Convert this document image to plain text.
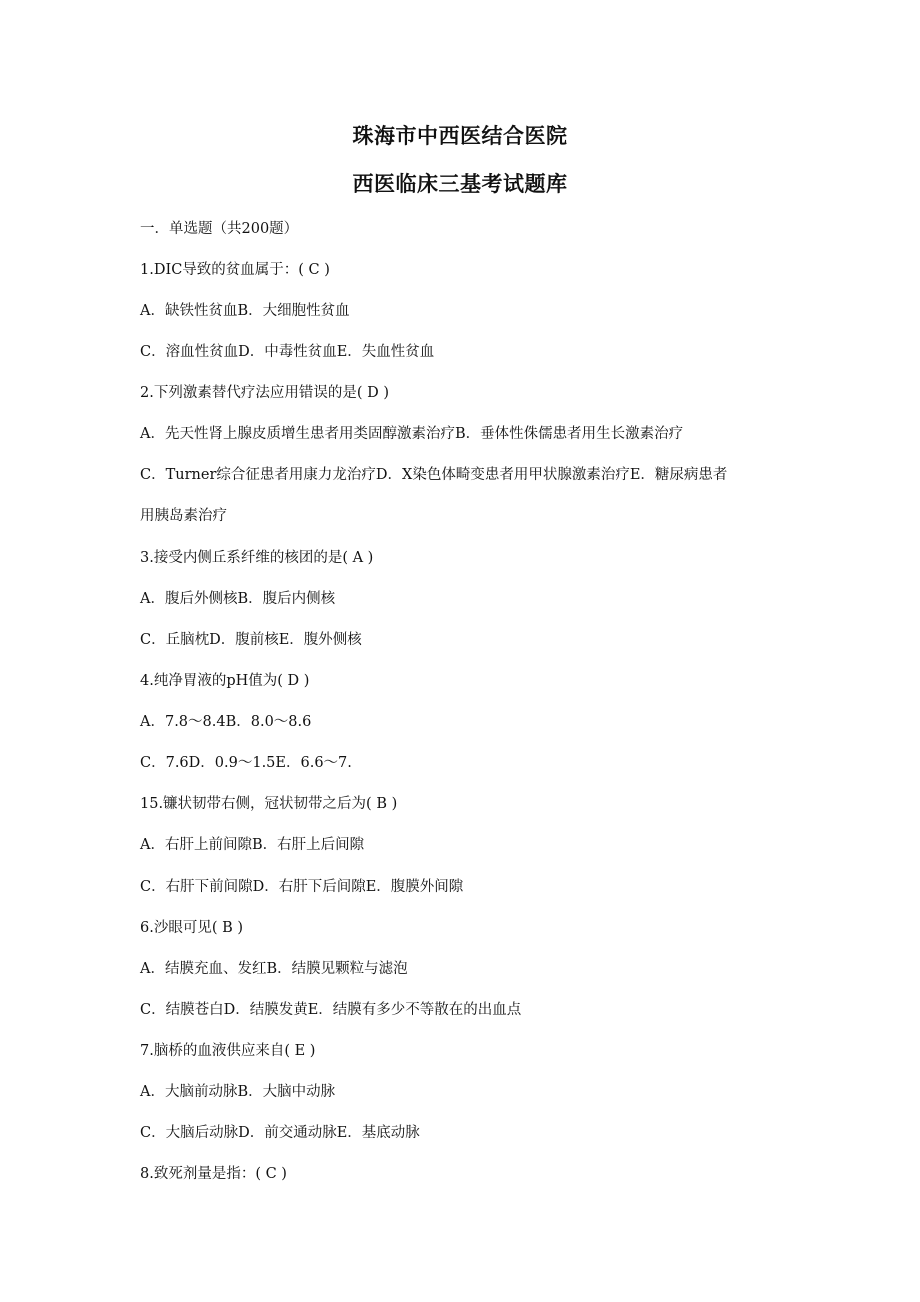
珠海市中西医结合医院
西医临床三基考试题库
一．单选题（共200题）
1.DIC导致的贫血属于：( C )
A．缺铁性贫血B．大细胞性贫血
C．溶血性贫血D．中毒性贫血E．失血性贫血
2.下列激素替代疗法应用错误的是( D )
A．先天性肾上腺皮质增生患者用类固醇激素治疗B．垂体性侏儒患者用生长激素治疗
C．Turner综合征患者用康力龙治疗D．X染色体畸变患者用甲状腺激素治疗E．糖尿病患者
用胰岛素治疗
3.接受内侧丘系纤维的核团的是( A )
A．腹后外侧核B．腹后内侧核
C．丘脑枕D．腹前核E．腹外侧核
4.纯净胃液的pH值为( D )
A．7.8～8.4B．8.0～8.6
C．7.6D．0.9～1.5E．6.6～7.
15.镰状韧带右侧，冠状韧带之后为( B )
A．右肝上前间隙B．右肝上后间隙
C．右肝下前间隙D．右肝下后间隙E．腹膜外间隙
6.沙眼可见( B )
A．结膜充血、发红B．结膜见颗粒与滤泡
C．结膜苍白D．结膜发黄E．结膜有多少不等散在的出血点
7.脑桥的血液供应来自( E )
A．大脑前动脉B．大脑中动脉
C．大脑后动脉D．前交通动脉E．基底动脉
8.致死剂量是指：( C )
